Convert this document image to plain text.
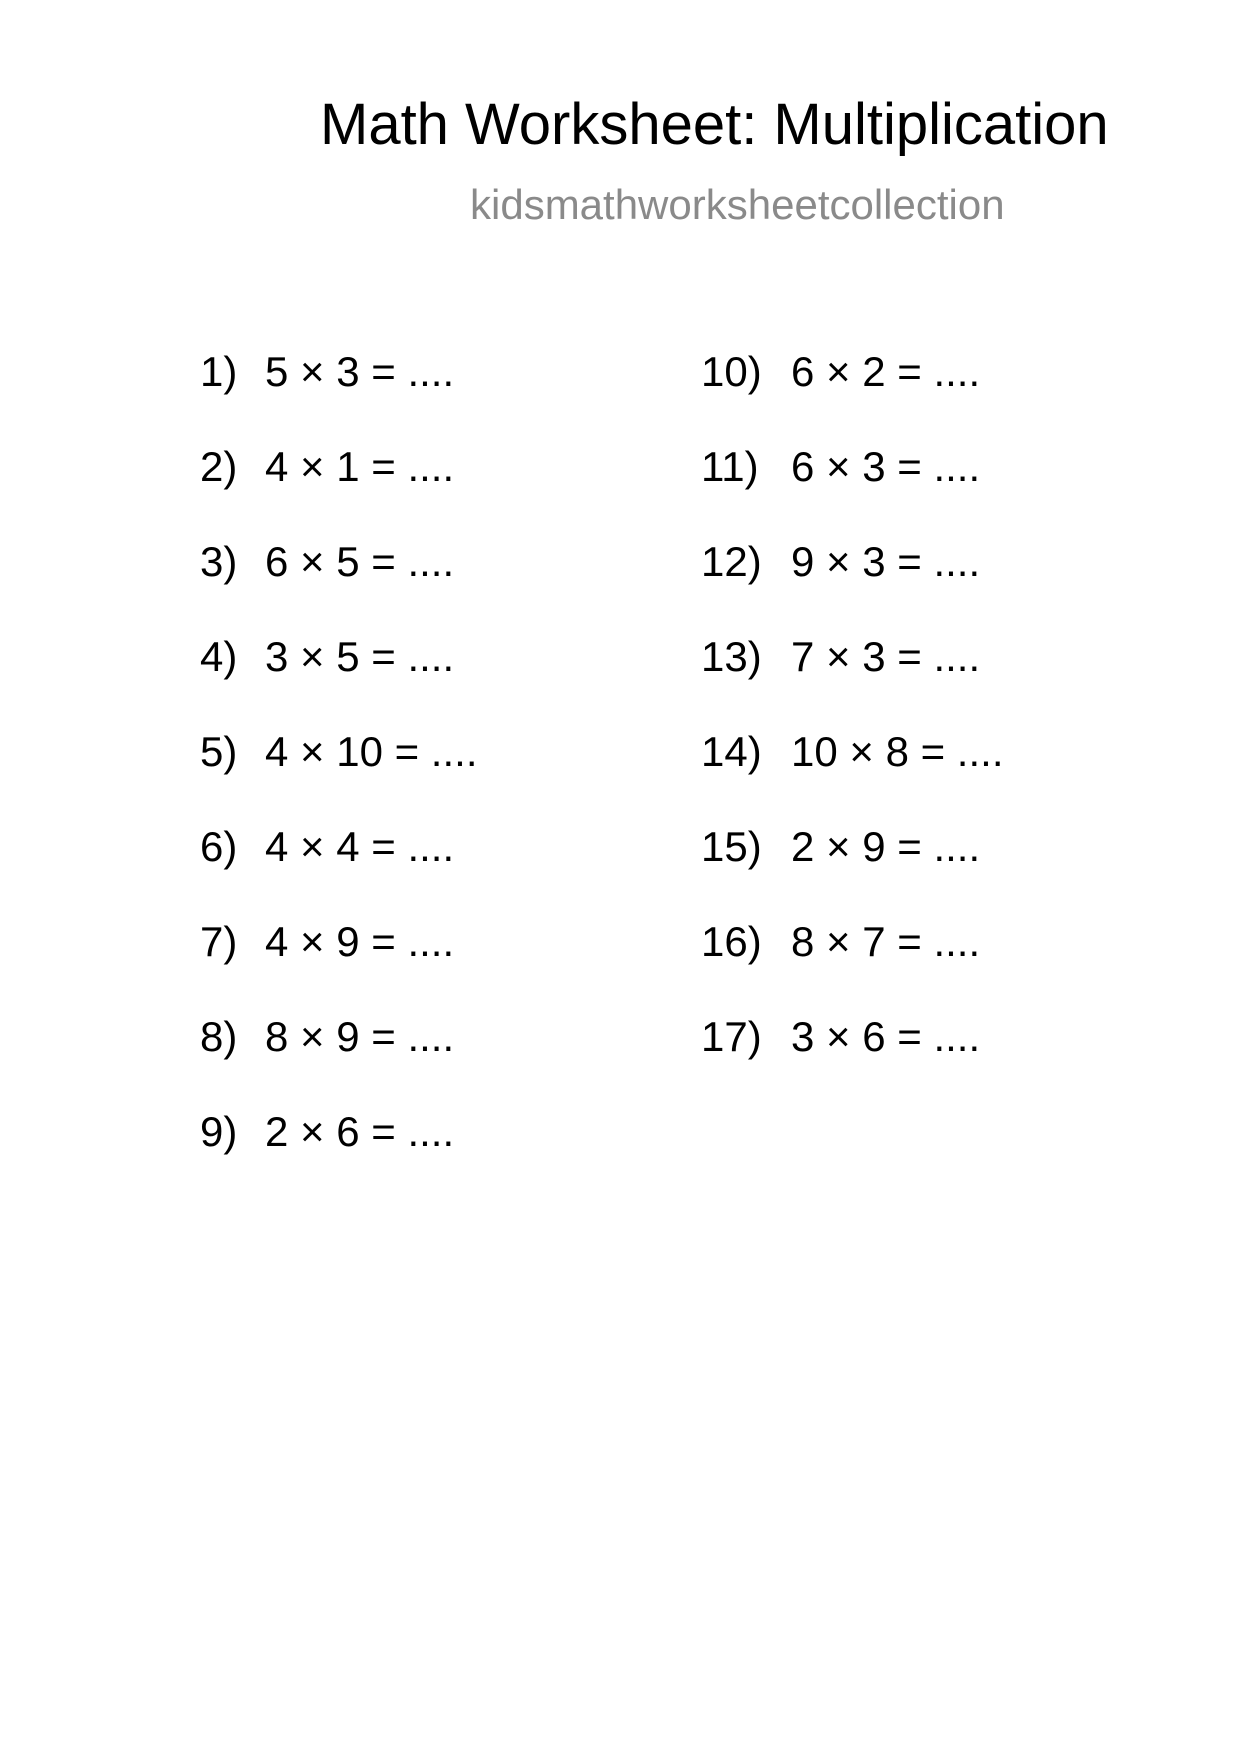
Math Worksheet: Multiplication
kidsmathworksheetcollection
1) 5 × 3 = ....
2) 4 × 1 = ....
3) 6 × 5 = ....
4) 3 × 5 = ....
5) 4 × 10 = ....
6) 4 × 4 = ....
7) 4 × 9 = ....
8) 8 × 9 = ....
9) 2 × 6 = ....
10) 6 × 2 = ....
11) 6 × 3 = ....
12) 9 × 3 = ....
13) 7 × 3 = ....
14) 10 × 8 = ....
15) 2 × 9 = ....
16) 8 × 7 = ....
17) 3 × 6 = ....
